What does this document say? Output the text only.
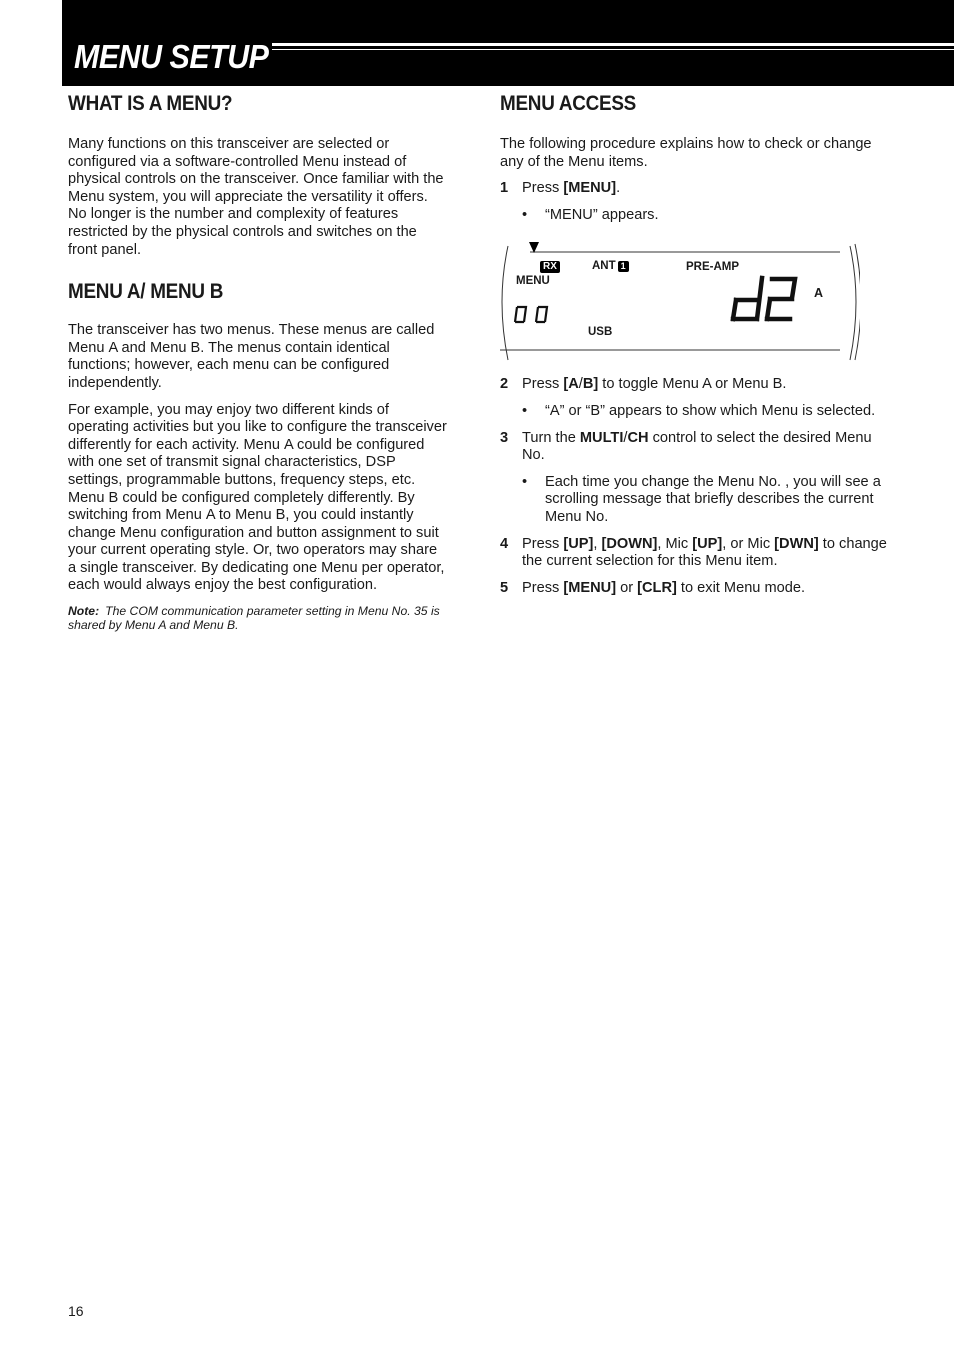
MENU SETUP
WHAT IS A MENU?

Many functions on this transceiver are selected or configured via a software-controlled Menu instead of physical controls on the transceiver. Once familiar with the Menu system, you will appreciate the versatility it offers. No longer is the number and complexity of features restricted by the physical controls and switches on the front panel.

MENU A/ MENU B

The transceiver has two menus. These menus are called Menu A and Menu B. The menus contain identical functions; however, each menu can be configured independently.

For example, you may enjoy two different kinds of operating activities but you like to configure the transceiver differently for each activity. Menu A could be configured with one set of transmit signal characteristics, DSP settings, programmable buttons, frequency steps, etc. Menu B could be configured completely differently. By switching from Menu A to Menu B, you could instantly change Menu configuration and button assignment to suit your current operating style. Or, two operators may share a single transceiver. By dedicating one Menu per operator, each would always enjoy the best configuration.

Note: The COM communication parameter setting in Menu No. 35 is shared by Menu A and Menu B.

MENU ACCESS

The following procedure explains how to check or change any of the Menu items.

1 Press [MENU].
• “MENU” appears.
RX	ANT 1	PRE-AMP
MENU
A
USB
2 Press [A/B] to toggle Menu A or Menu B.
• “A” or “B” appears to show which Menu is selected.
3 Turn the MULTI/CH control to select the desired Menu No.
• Each time you change the Menu No. , you will see a scrolling message that briefly describes the current Menu No.
4 Press [UP], [DOWN], Mic [UP], or Mic [DWN] to change the current selection for this Menu item.
5 Press [MENU] or [CLR] to exit Menu mode.
16
